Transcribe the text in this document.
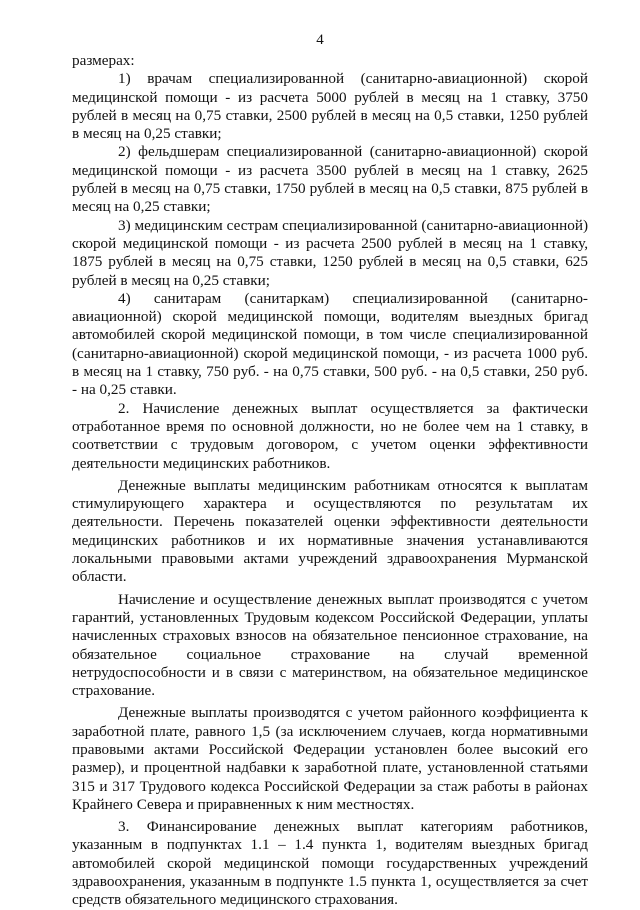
4

размерах:

1) врачам специализированной (санитарно-авиационной) скорой медицинской помощи - из расчета 5000 рублей в месяц на 1 ставку, 3750 рублей в месяц на 0,75 ставки, 2500 рублей в месяц на 0,5 ставки, 1250 рублей в месяц на 0,25 ставки;

2) фельдшерам специализированной (санитарно-авиационной) скорой медицинской помощи - из расчета 3500 рублей в месяц на 1 ставку, 2625 рублей в месяц на 0,75 ставки, 1750 рублей в месяц на 0,5 ставки, 875 рублей в месяц на 0,25 ставки;

3) медицинским сестрам специализированной (санитарно-авиационной) скорой медицинской помощи - из расчета 2500 рублей в месяц на 1 ставку, 1875 рублей в месяц на 0,75 ставки, 1250 рублей в месяц на 0,5 ставки, 625 рублей в месяц на 0,25 ставки;

4) санитарам (санитаркам) специализированной (санитарно-авиационной) скорой медицинской помощи, водителям выездных бригад автомобилей скорой медицинской помощи, в том числе специализированной (санитарно-авиационной) скорой медицинской помощи, - из расчета 1000 руб. в месяц на 1 ставку, 750 руб. - на 0,75 ставки, 500 руб. - на 0,5 ставки, 250 руб. - на 0,25 ставки.

2. Начисление денежных выплат осуществляется за фактически отработанное время по основной должности, но не более чем на 1 ставку, в соответствии с трудовым договором, с учетом оценки эффективности деятельности медицинских работников.

Денежные выплаты медицинским работникам относятся к выплатам стимулирующего характера и осуществляются по результатам их деятельности. Перечень показателей оценки эффективности деятельности медицинских работников и их нормативные значения устанавливаются локальными правовыми актами учреждений здравоохранения Мурманской области.

Начисление и осуществление денежных выплат производятся с учетом гарантий, установленных Трудовым кодексом Российской Федерации, уплаты начисленных страховых взносов на обязательное пенсионное страхование, на обязательное социальное страхование на случай временной нетрудоспособности и в связи с материнством, на обязательное медицинское страхование.

Денежные выплаты производятся с учетом районного коэффициента к заработной плате, равного 1,5 (за исключением случаев, когда нормативными правовыми актами Российской Федерации установлен более высокий его размер), и процентной надбавки к заработной плате, установленной статьями 315 и 317 Трудового кодекса Российской Федерации за стаж работы в районах Крайнего Севера и приравненных к ним местностях.

3. Финансирование денежных выплат категориям работников, указанным в подпунктах 1.1 – 1.4 пункта 1, водителям выездных бригад автомобилей скорой медицинской помощи государственных учреждений здравоохранения, указанным в подпункте 1.5 пункта 1, осуществляется за счет средств обязательного медицинского страхования.
